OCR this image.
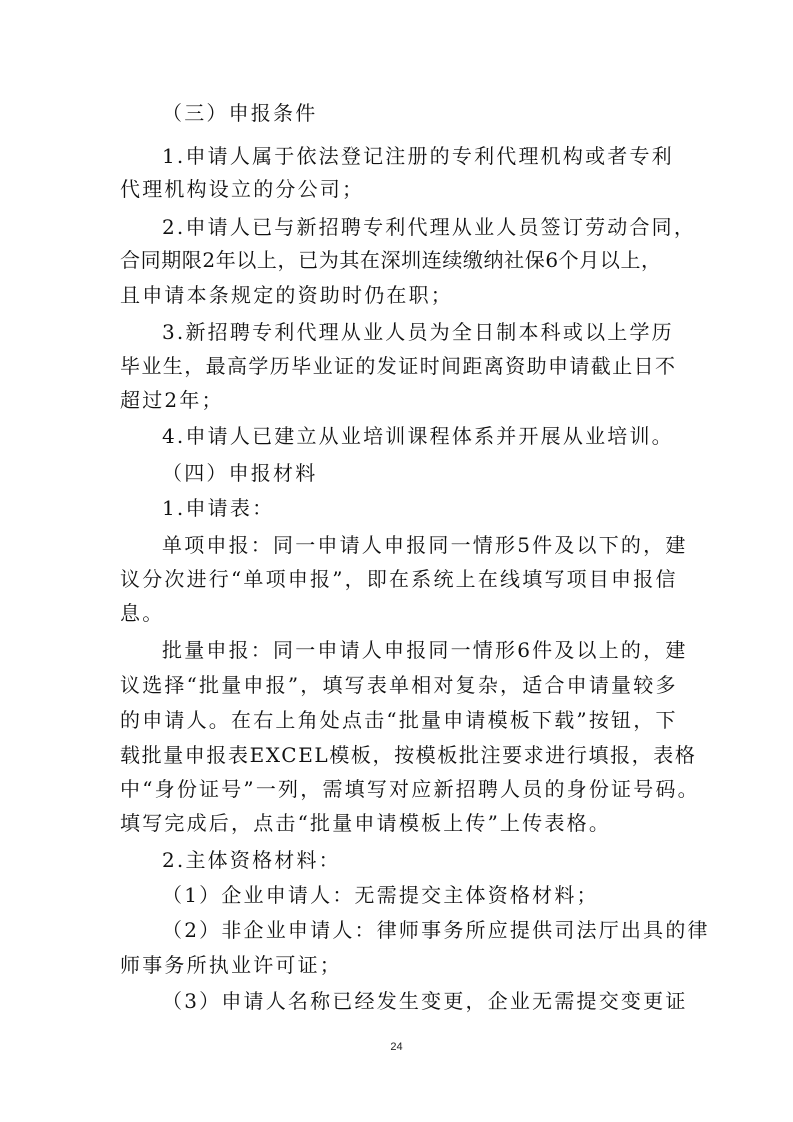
（三）申报条件
1.申请人属于依法登记注册的专利代理机构或者专利
代理机构设立的分公司；
2.申请人已与新招聘专利代理从业人员签订劳动合同，
合同期限2年以上，已为其在深圳连续缴纳社保6个月以上，
且申请本条规定的资助时仍在职；
3.新招聘专利代理从业人员为全日制本科或以上学历
毕业生，最高学历毕业证的发证时间距离资助申请截止日不
超过2年；
4.申请人已建立从业培训课程体系并开展从业培训。
（四）申报材料
1.申请表：
单项申报：同一申请人申报同一情形5件及以下的，建
议分次进行“单项申报”，即在系统上在线填写项目申报信
息。
批量申报：同一申请人申报同一情形6件及以上的，建
议选择“批量申报”，填写表单相对复杂，适合申请量较多
的申请人。在右上角处点击“批量申请模板下载”按钮，下
载批量申报表EXCEL模板，按模板批注要求进行填报，表格
中“身份证号”一列，需填写对应新招聘人员的身份证号码。
填写完成后，点击“批量申请模板上传”上传表格。
2.主体资格材料：
（1）企业申请人：无需提交主体资格材料；
（2）非企业申请人：律师事务所应提供司法厅出具的律
师事务所执业许可证；
（3）申请人名称已经发生变更，企业无需提交变更证
24
